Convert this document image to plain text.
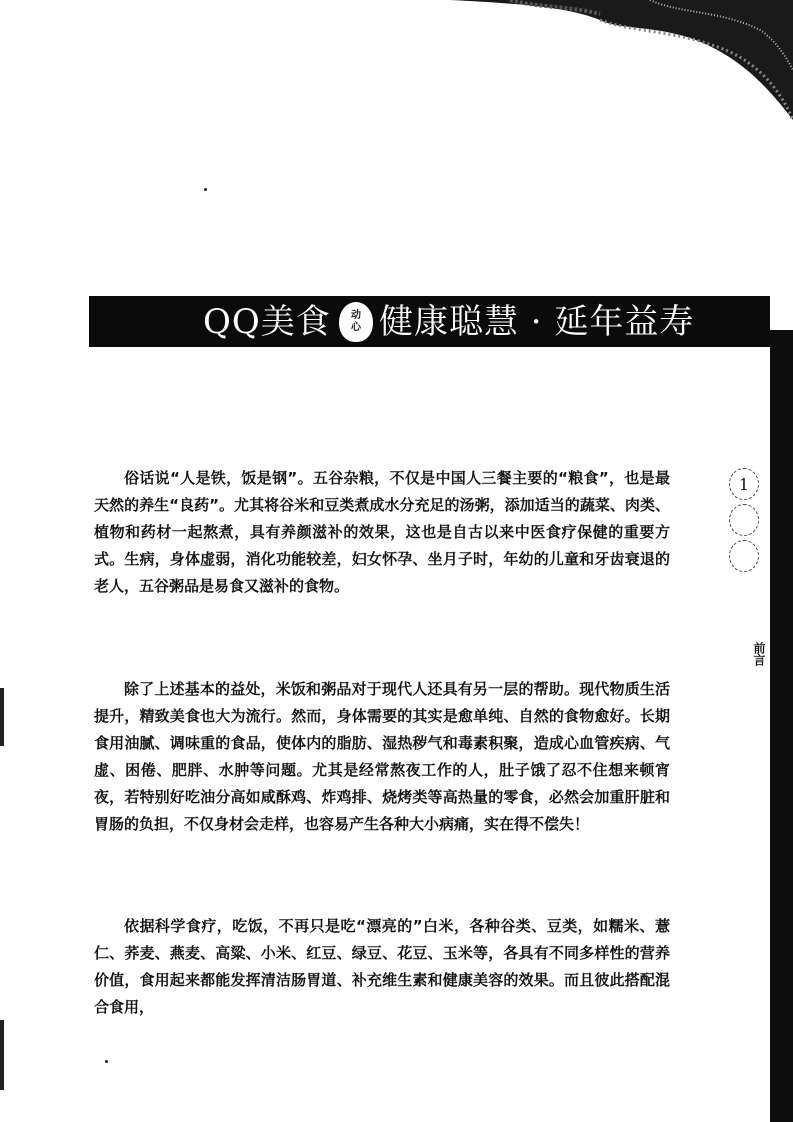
QQ美食 动
心 健康聪慧 · 延年益寿

俗话说“人是铁，饭是钢”。五谷杂粮，不仅是中国人三餐主要的“粮食”，也是最天然的养生“良药”。尤其将谷米和豆类煮成水分充足的汤粥，添加适当的蔬菜、肉类、植物和药材一起熬煮，具有养颜滋补的效果，这也是自古以来中医食疗保健的重要方式。生病，身体虚弱，消化功能较差，妇女怀孕、坐月子时，年幼的儿童和牙齿衰退的老人，五谷粥品是易食又滋补的食物。

除了上述基本的益处，米饭和粥品对于现代人还具有另一层的帮助。现代物质生活提升，精致美食也大为流行。然而，身体需要的其实是愈单纯、自然的食物愈好。长期食用油腻、调味重的食品，使体内的脂肪、湿热秽气和毒素积聚，造成心血管疾病、气虚、困倦、肥胖、水肿等问题。尤其是经常熬夜工作的人，肚子饿了忍不住想来顿宵夜，若特别好吃油分高如咸酥鸡、炸鸡排、烧烤类等高热量的零食，必然会加重肝脏和胃肠的负担，不仅身材会走样，也容易产生各种大小病痛，实在得不偿失！

依据科学食疗，吃饭，不再只是吃“漂亮的”白米，各种谷类、豆类，如糯米、薏仁、荞麦、燕麦、高粱、小米、红豆、绿豆、花豆、玉米等，各具有不同多样性的营养价值，食用起来都能发挥清洁肠胃道、补充维生素和健康美容的效果。而且彼此搭配混合食用，

1
前言
